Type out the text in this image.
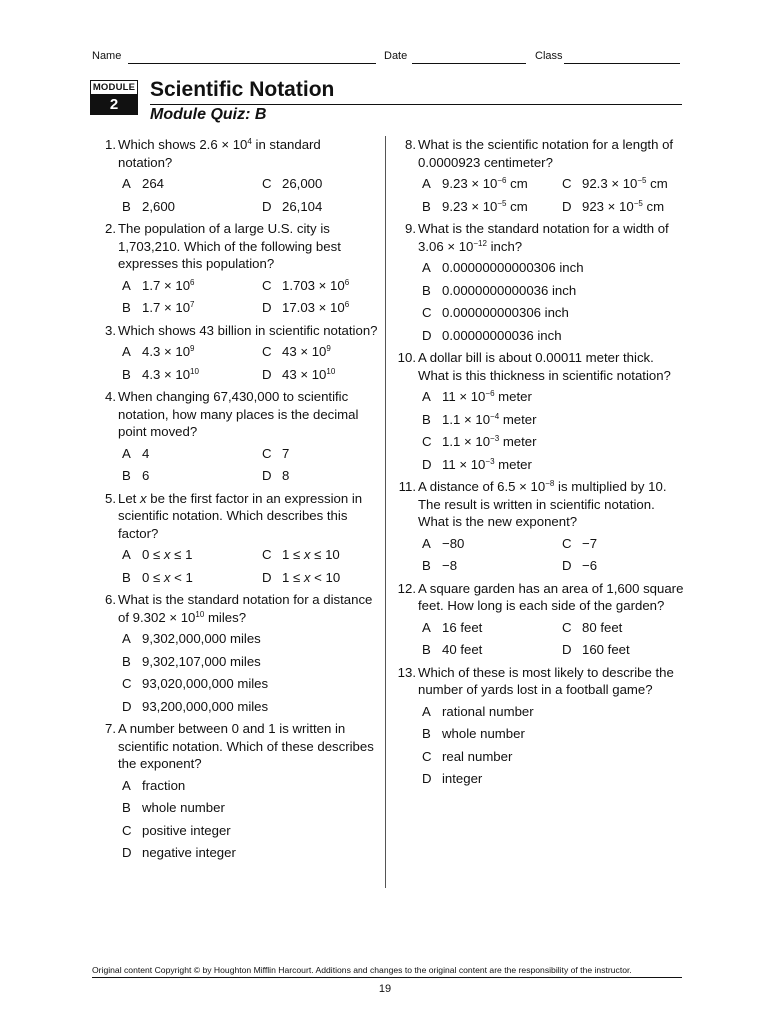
Name	Date	Class
MODULE
2
Scientific Notation
Module Quiz: B
1. Which shows $2.6 \times 10^4$ in standard notation?
A 264	C 26,000
B 2,600	D 26,104
2. The population of a large U.S. city is 1,703,210. Which of the following best expresses this population?
A $1.7 \times 10^6$	C $1.703 \times 10^6$
B $1.7 \times 10^7$	D $17.03 \times 10^6$
3. Which shows 43 billion in scientific notation?
A $4.3 \times 10^9$	C $43 \times 10^9$
B $4.3 \times 10^{10}$	D $43 \times 10^{10}$
4. When changing 67,430,000 to scientific notation, how many places is the decimal point moved?
A 4	C 7
B 6	D 8
5. Let x be the first factor in an expression in scientific notation. Which describes this factor?
A 0 ≤ x ≤ 1	C 1 ≤ x ≤ 10
B 0 ≤ x < 1	D 1 ≤ x < 10
6. What is the standard notation for a distance of $9.302 \times 10^{10}$ miles?
A 9,302,000,000 miles
B 9,302,107,000 miles
C 93,020,000,000 miles
D 93,200,000,000 miles
7. A number between 0 and 1 is written in scientific notation. Which of these describes the exponent?
A fraction
B whole number
C positive integer
D negative integer
8. What is the scientific notation for a length of 0.0000923 centimeter?
A $9.23 \times 10^{-6}$ cm	C $92.3 \times 10^{-5}$ cm
B $9.23 \times 10^{-5}$ cm	D $923 \times 10^{-5}$ cm
9. What is the standard notation for a width of $3.06 \times 10^{-12}$ inch?
A 0.00000000000306 inch
B 0.0000000000036 inch
C 0.000000000306 inch
D 0.00000000036 inch
10. A dollar bill is about 0.00011 meter thick. What is this thickness in scientific notation?
A $11 \times 10^{-6}$ meter
B $1.1 \times 10^{-4}$ meter
C $1.1 \times 10^{-3}$ meter
D $11 \times 10^{-3}$ meter
11. A distance of $6.5 \times 10^{-8}$ is multiplied by 10. The result is written in scientific notation. What is the new exponent?
A −80	C −7
B −8	D −6
12. A square garden has an area of 1,600 square feet. How long is each side of the garden?
A 16 feet	C 80 feet
B 40 feet	D 160 feet
13. Which of these is most likely to describe the number of yards lost in a football game?
A rational number
B whole number
C real number
D integer
Original content Copyright © by Houghton Mifflin Harcourt. Additions and changes to the original content are the responsibility of the instructor.
19
